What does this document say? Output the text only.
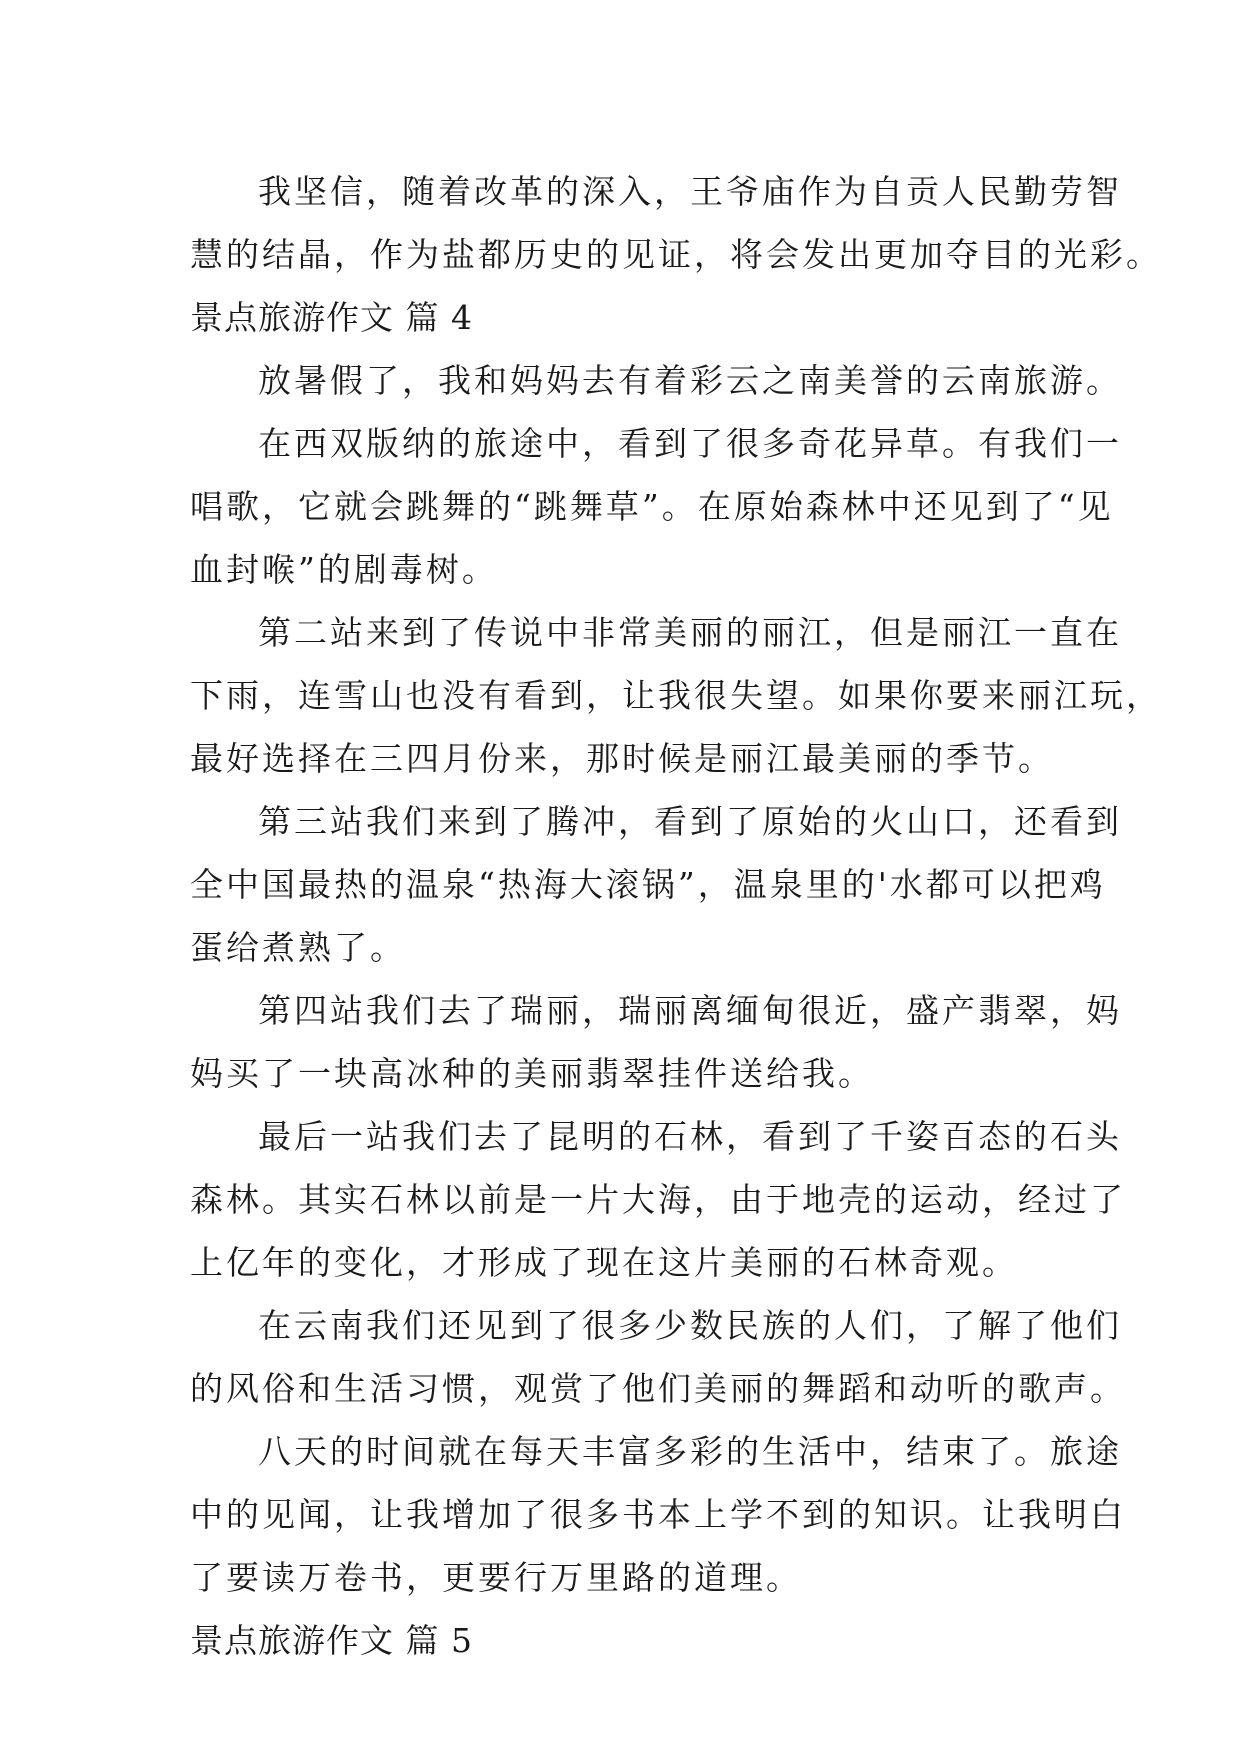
我坚信，随着改革的深入，王爷庙作为自贡人民勤劳智
慧的结晶，作为盐都历史的见证，将会发出更加夺目的光彩。
景点旅游作文 篇 4
放暑假了，我和妈妈去有着彩云之南美誉的云南旅游。
在西双版纳的旅途中，看到了很多奇花异草。有我们一
唱歌，它就会跳舞的“跳舞草”。在原始森林中还见到了“见
血封喉”的剧毒树。
第二站来到了传说中非常美丽的丽江，但是丽江一直在
下雨，连雪山也没有看到，让我很失望。如果你要来丽江玩，
最好选择在三四月份来，那时候是丽江最美丽的季节。
第三站我们来到了腾冲，看到了原始的火山口，还看到
全中国最热的温泉“热海大滚锅”，温泉里的'水都可以把鸡
蛋给煮熟了。
第四站我们去了瑞丽，瑞丽离缅甸很近，盛产翡翠，妈
妈买了一块高冰种的美丽翡翠挂件送给我。
最后一站我们去了昆明的石林，看到了千姿百态的石头
森林。其实石林以前是一片大海，由于地壳的运动，经过了
上亿年的变化，才形成了现在这片美丽的石林奇观。
在云南我们还见到了很多少数民族的人们，了解了他们
的风俗和生活习惯，观赏了他们美丽的舞蹈和动听的歌声。
八天的时间就在每天丰富多彩的生活中，结束了。旅途
中的见闻，让我增加了很多书本上学不到的知识。让我明白
了要读万卷书，更要行万里路的道理。
景点旅游作文 篇 5
